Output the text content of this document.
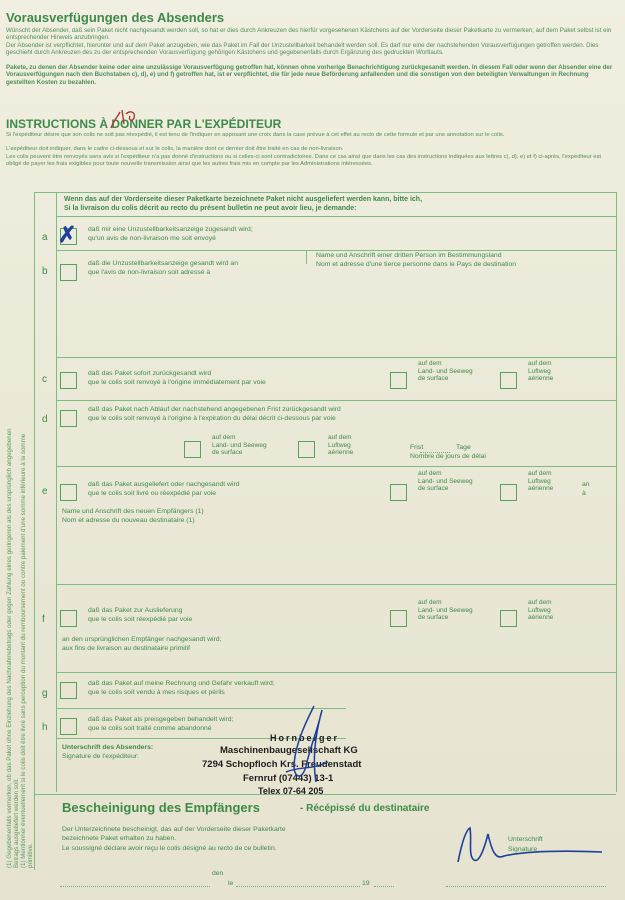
Vorausverfügungen des Absenders
Wünscht der Absender, daß sein Paket nicht nachgesandt werden soll, so hat er dies durch Ankreuzen des hierfür vorgesehenen Kästchens auf der Vorderseite dieser Paketkarte zu vermerken; auf dem Paket selbst ist ein entsprechender Hinweis anzubringen.
Der Absender ist verpflichtet, hierunter und auf dem Paket anzugeben, wie das Paket im Fall der Unzustellbarkeit behandelt werden soll. Es darf nur eine der nachstehenden Vorausverfügungen getroffen werden. Dies geschieht durch Ankreuzen des zu der entsprechenden Vorausverfügung gehörigen Kästchens und gegebenenfalls durch Ergänzung des gedruckten Wortlauts.
Pakete, zu denen der Absender keine oder eine unzulässige Vorausverfügung getroffen hat, können ohne vorherige Benachrichtigung zurückgesandt werden. In diesem Fall oder wenn der Absender eine der Vorausverfügungen nach den Buchstaben c), d), e) und f) getroffen hat, ist er verpflichtet, die für jede neue Beförderung anfallenden und die sonstigen von den beteiligten Verwaltungen in Rechnung gestellten Kosten zu bezahlen.
INSTRUCTIONS À DONNER PAR L'EXPÉDITEUR
Si l'expéditeur désire que son colis ne soit pas réexpédié, il est tenu de l'indiquer en apposant une croix dans la case prévue à cet effet au recto de cette formule et par une annotation sur le colis.
L'expéditeur doit indiquer, dans le cadre ci-dessous et sur le colis, la manière dont ce dernier doit être traité en cas de non-livraison.
Les colis peuvent être renvoyés sans avis si l'expéditeur n'a pas donné d'instructions ou si celles-ci sont contradictoires. Dans ce cas ainsi que dans les cas des instructions indiquées aux lettres c), d), e) et f) ci-après, l'expéditeur est obligé de payer les frais exigibles pour toute nouvelle transmission ainsi que les autres frais mis en compte par les Administrations intéressées.
(1) Gegebenenfalls vermerken, ob das Paket ohne Einziehung des Nachnahmebetrags oder gegen Zahlung eines geringeren als des ursprünglich angegebenen Betrags ausgeliefert werden soll. (1) Mentionner éventuellement si le colis doit être livré sans perception du montant du remboursement ou contre paiement d'une somme inférieure à la somme primitive.
Wenn das auf der Vorderseite dieser Paketkarte bezeichnete Paket nicht ausgeliefert werden kann, bitte ich,
Si la livraison du colis décrit au recto du présent bulletin ne peut avoir lieu, je demande:
a ✗ daß mir eine Unzustellbarkeitsanzeige zugesandt wird;
qu'un avis de non-livraison me soit envoyé
b
daß die Unzustellbarkeitsanzeige gesandt wird an
que l'avis de non-livraison soit adressé à
Name und Anschrift einer dritten Person im Bestimmungsland
Nom et adresse d'une tierce personne dans le Pays de destination
c
daß das Paket sofort zurückgesandt wird
que le colis soit renvoyé à l'origine immédiatement par voie
auf dem
Land- und Seeweg
de surface
auf dem
Luftweg
aérienne
d
daß das Paket nach Ablauf der nachstehend angegebenen Frist zurückgesandt wird
que le colis soit renvoyé à l'origine à l'expiration du délai décrit ci-dessous par voie
auf dem
Land- und Seeweg
de surface
auf dem
Luftweg
aérienne
Frist	Tage
Nombre de jours de délai
e
daß das Paket ausgeliefert oder nachgesandt wird
que le colis soit livré ou réexpédié par voie
auf dem
Land- und Seeweg
de surface
auf dem
Luftweg
aérienne
an
à
Name und Anschrift des neuen Empfängers (1)
Nom et adresse du nouveau destinataire (1)
f
daß das Paket zur Auslieferung
que le colis soit réexpédié par voie
auf dem
Land- und Seeweg
de surface
auf dem
Luftweg
aérienne
an den ursprünglichen Empfänger nachgesandt wird;
aux fins de livraison au destinataire primitif
g
daß das Paket auf meine Rechnung und Gefahr verkauft wird;
que le colis soit vendu à mes risques et périls
h
daß das Paket als preisgegeben behandelt wird;
que le colis soit traité comme abandonné
Unterschrift des Absenders:
Signature de l'expéditeur:
Hornberger
Maschinenbaugesellschaft KG
7294 Schopfloch Krs. Freudenstadt
Fernruf (07443) 13-1
Telex 07-64 205
Bescheinigung des Empfängers	- Récépissé du destinataire
Der Unterzeichnete bescheinigt, das auf der Vorderseite dieser Paketkarte
bezeichnete Paket erhalten zu haben.
Le soussigné déclare avoir reçu le colis désigné au recto de ce bulletin.
Unterschrift
Signature
den
le	19
